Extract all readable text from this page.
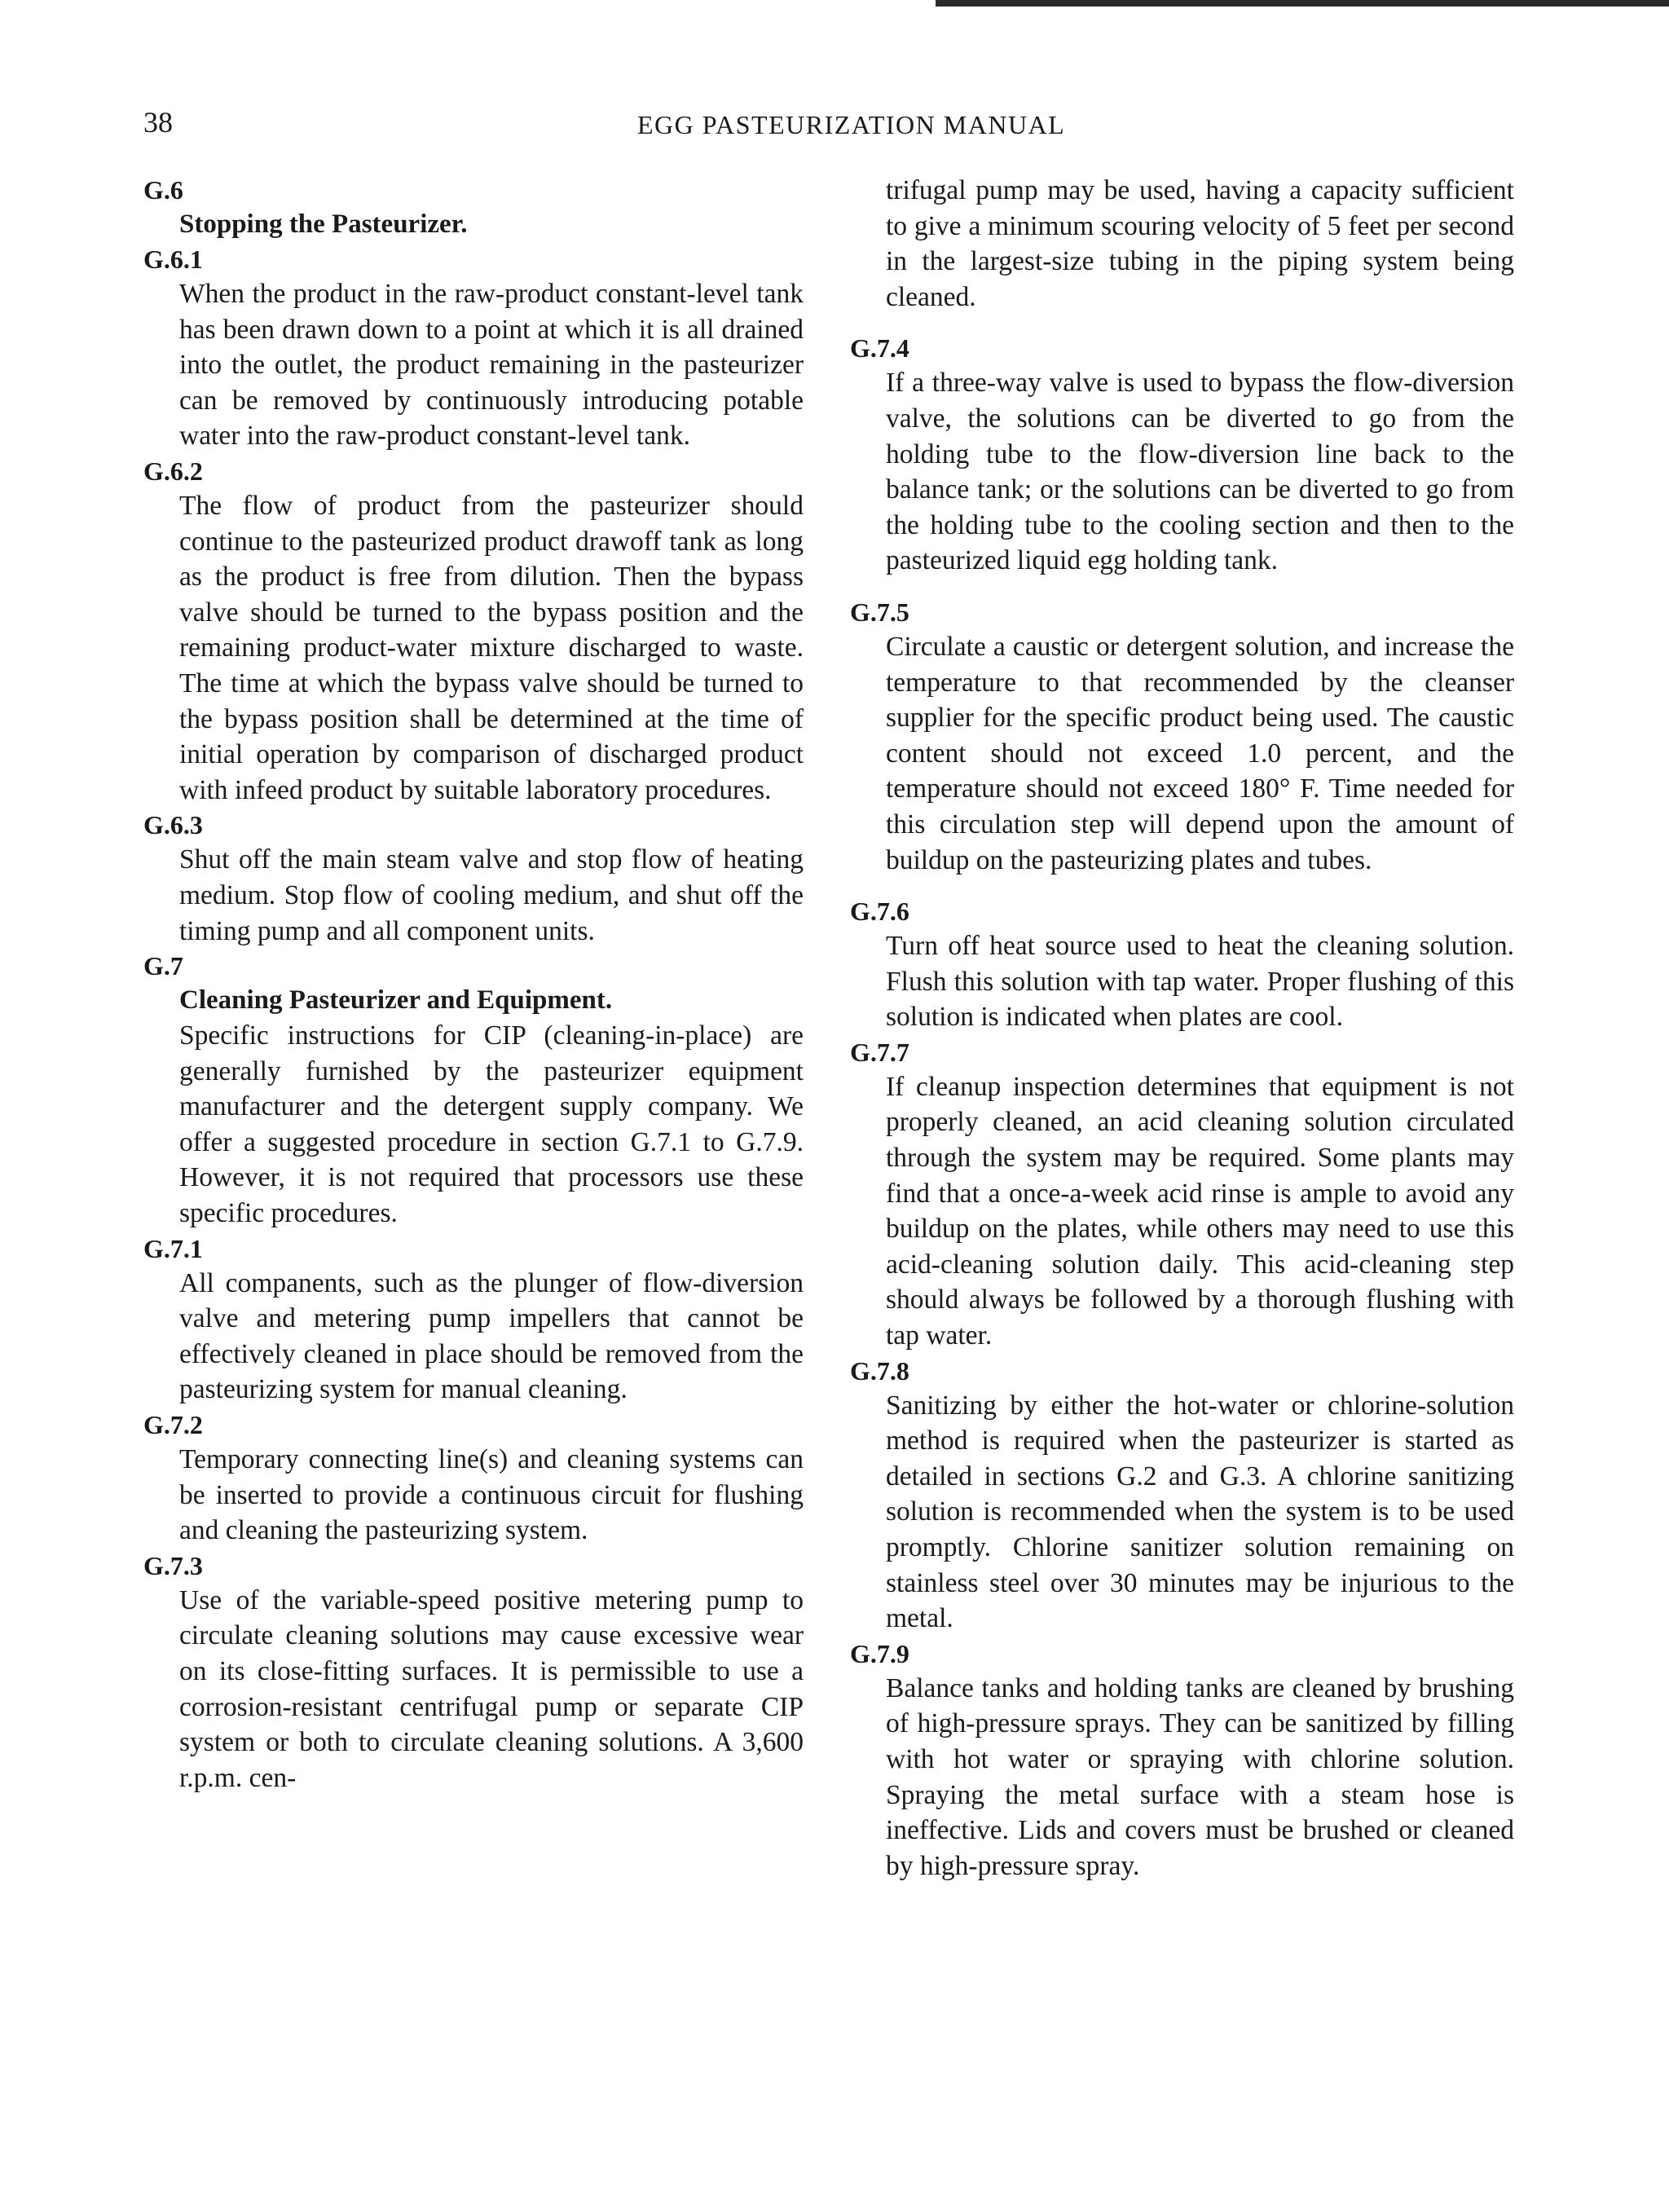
38	EGG PASTEURIZATION MANUAL
G.6
Stopping the Pasteurizer.
G.6.1
When the product in the raw-product constant-level tank has been drawn down to a point at which it is all drained into the outlet, the product remaining in the pasteurizer can be removed by continuously introducing potable water into the raw-product constant-level tank.
G.6.2
The flow of product from the pasteurizer should continue to the pasteurized product drawoff tank as long as the product is free from dilution. Then the bypass valve should be turned to the bypass position and the remaining product-water mixture discharged to waste. The time at which the bypass valve should be turned to the bypass position shall be determined at the time of initial operation by comparison of discharged product with infeed product by suitable laboratory procedures.
G.6.3
Shut off the main steam valve and stop flow of heating medium. Stop flow of cooling medium, and shut off the timing pump and all component units.
G.7
Cleaning Pasteurizer and Equipment.
Specific instructions for CIP (cleaning-in-place) are generally furnished by the pasteurizer equipment manufacturer and the detergent supply company. We offer a suggested procedure in section G.7.1 to G.7.9. However, it is not required that processors use these specific procedures.
G.7.1
All companents, such as the plunger of flow-diversion valve and metering pump impellers that cannot be effectively cleaned in place should be removed from the pasteurizing system for manual cleaning.
G.7.2
Temporary connecting line(s) and cleaning systems can be inserted to provide a continuous circuit for flushing and cleaning the pasteurizing system.
G.7.3
Use of the variable-speed positive metering pump to circulate cleaning solutions may cause excessive wear on its close-fitting surfaces. It is permissible to use a corrosion-resistant centrifugal pump or separate CIP system or both to circulate cleaning solutions. A 3,600 r.p.m. cen-
trifugal pump may be used, having a capacity sufficient to give a minimum scouring velocity of 5 feet per second in the largest-size tubing in the piping system being cleaned.
G.7.4
If a three-way valve is used to bypass the flow-diversion valve, the solutions can be diverted to go from the holding tube to the flow-diversion line back to the balance tank; or the solutions can be diverted to go from the holding tube to the cooling section and then to the pasteurized liquid egg holding tank.
G.7.5
Circulate a caustic or detergent solution, and increase the temperature to that recommended by the cleanser supplier for the specific product being used. The caustic content should not exceed 1.0 percent, and the temperature should not exceed 180° F. Time needed for this circulation step will depend upon the amount of buildup on the pasteurizing plates and tubes.
G.7.6
Turn off heat source used to heat the cleaning solution. Flush this solution with tap water. Proper flushing of this solution is indicated when plates are cool.
G.7.7
If cleanup inspection determines that equipment is not properly cleaned, an acid cleaning solution circulated through the system may be required. Some plants may find that a once-a-week acid rinse is ample to avoid any buildup on the plates, while others may need to use this acid-cleaning solution daily. This acid-cleaning step should always be followed by a thorough flushing with tap water.
G.7.8
Sanitizing by either the hot-water or chlorine-solution method is required when the pasteurizer is started as detailed in sections G.2 and G.3. A chlorine sanitizing solution is recommended when the system is to be used promptly. Chlorine sanitizer solution remaining on stainless steel over 30 minutes may be injurious to the metal.
G.7.9
Balance tanks and holding tanks are cleaned by brushing of high-pressure sprays. They can be sanitized by filling with hot water or spraying with chlorine solution. Spraying the metal surface with a steam hose is ineffective. Lids and covers must be brushed or cleaned by high-pressure spray.
